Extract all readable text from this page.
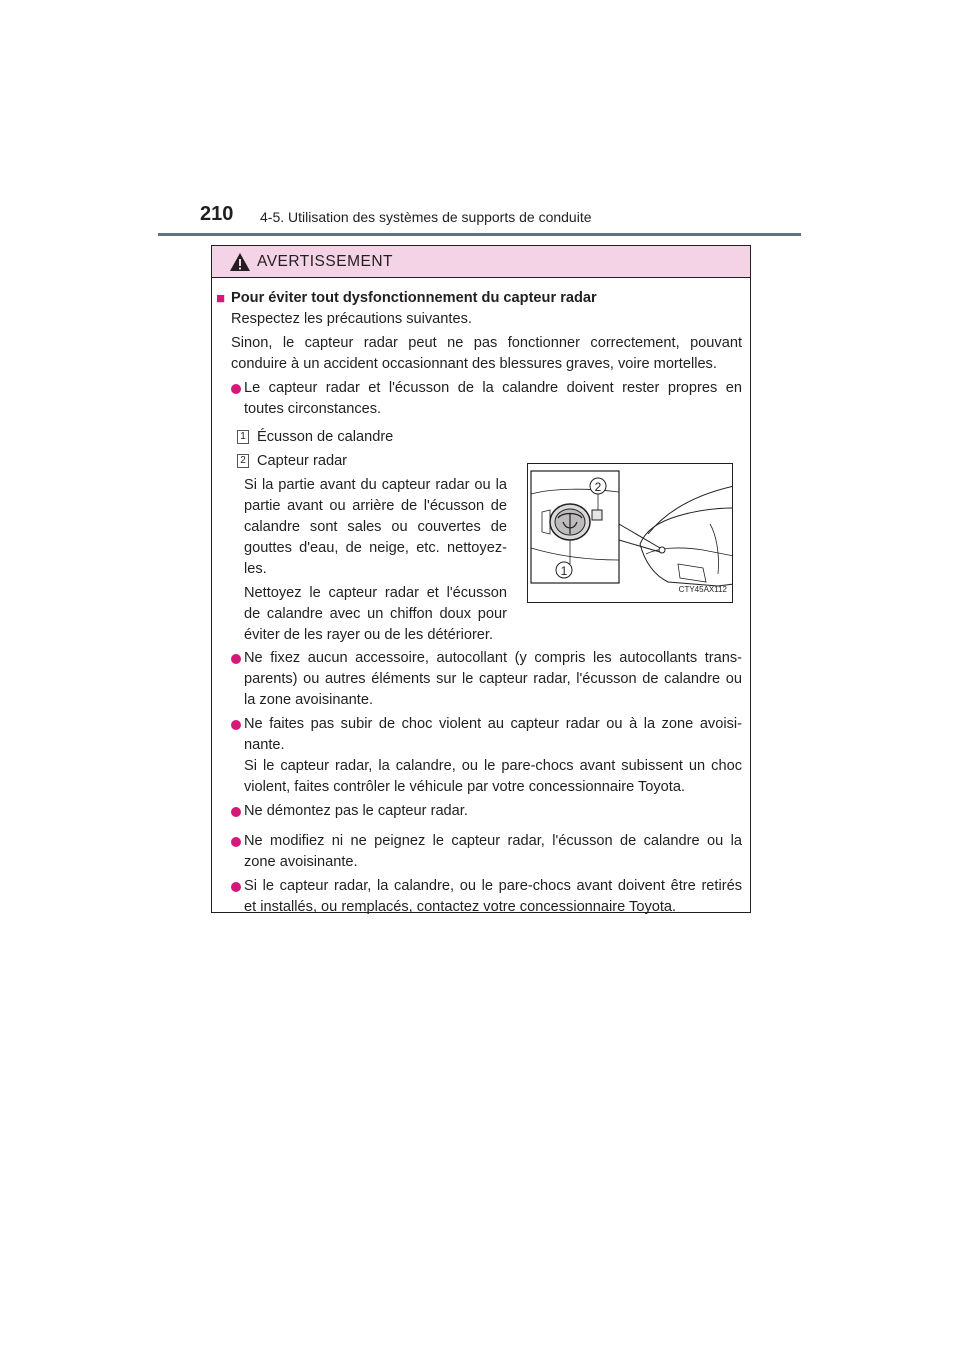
210 4-5. Utilisation des systèmes de supports de conduite
AVERTISSEMENT
■ Pour éviter tout dysfonctionnement du capteur radar
Respectez les précautions suivantes.
Sinon, le capteur radar peut ne pas fonctionner correctement, pouvant
conduire à un accident occasionnant des blessures graves, voire mortelles.
Le capteur radar et l'écusson de la calandre doivent rester propres en
toutes circonstances.
1 Écusson de calandre
2 Capteur radar
Si la partie avant du capteur radar ou la
partie avant ou arrière de l'écusson de
calandre sont sales ou couvertes de
gouttes d'eau, de neige, etc. nettoyez-
les.
Nettoyez le capteur radar et l'écusson
de calandre avec un chiffon doux pour
éviter de les rayer ou de les détériorer.
2
1
CTY45AX112
Ne fixez aucun accessoire, autocollant (y compris les autocollants trans-
parents) ou autres éléments sur le capteur radar, l'écusson de calandre ou
la zone avoisinante.
Ne faites pas subir de choc violent au capteur radar ou à la zone avoisi-
nante.
Si le capteur radar, la calandre, ou le pare-chocs avant subissent un choc
violent, faites contrôler le véhicule par votre concessionnaire Toyota.
Ne démontez pas le capteur radar.
Ne modifiez ni ne peignez le capteur radar, l'écusson de calandre ou la
zone avoisinante.
Si le capteur radar, la calandre, ou le pare-chocs avant doivent être retirés
et installés, ou remplacés, contactez votre concessionnaire Toyota.
